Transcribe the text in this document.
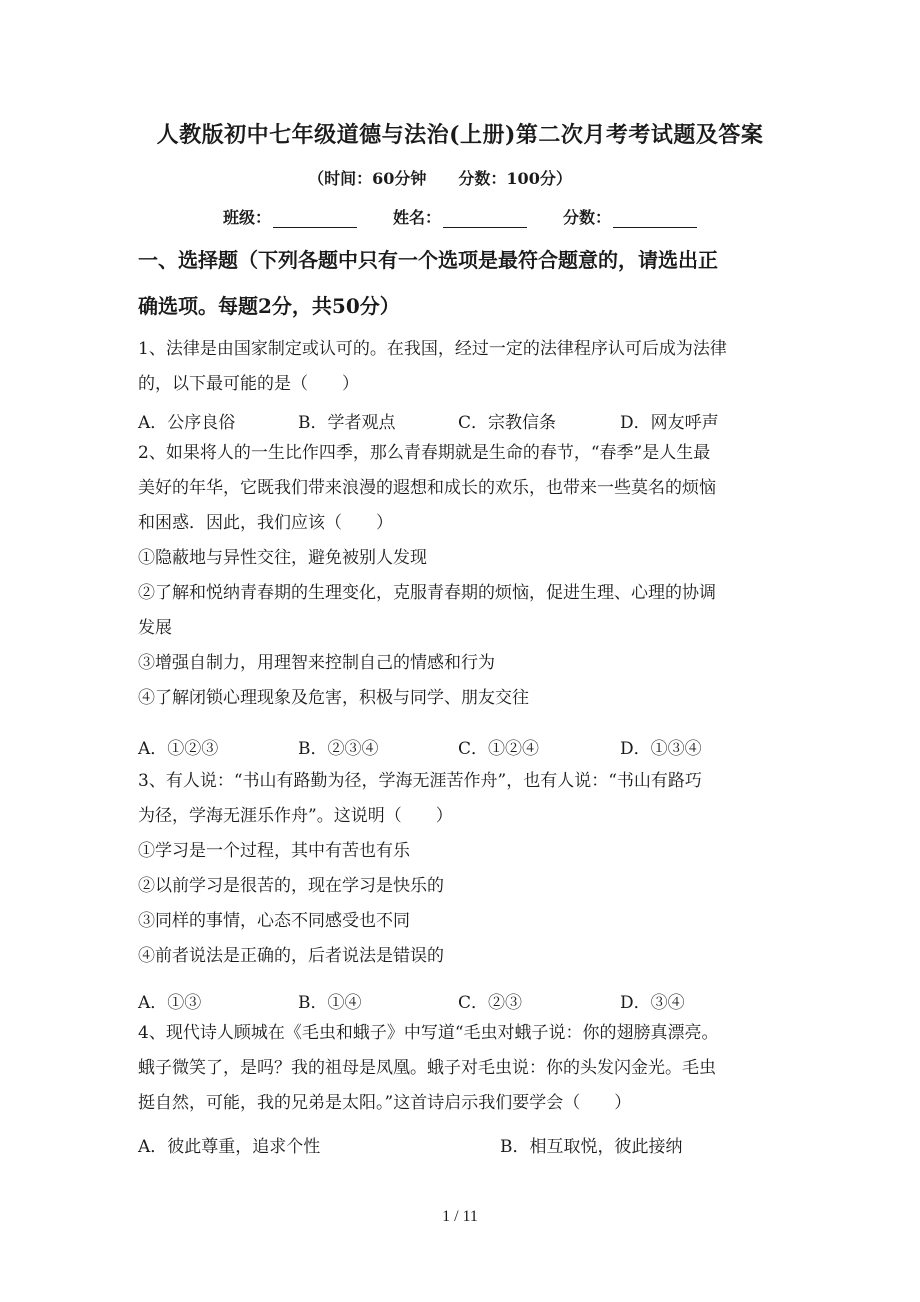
人教版初中七年级道德与法治(上册)第二次月考考试题及答案
（时间：60分钟　　分数：100分）
班级：	姓名：	分数：
一、选择题（下列各题中只有一个选项是最符合题意的，请选出正
确选项。每题2分，共50分）
1、法律是由国家制定或认可的。在我国，经过一定的法律程序认可后成为法律
的，以下最可能的是（　　）
A．公序良俗	B．学者观点	C．宗教信条	D．网友呼声
2、如果将人的一生比作四季，那么青春期就是生命的春节，“春季”是人生最
美好的年华，它既我们带来浪漫的遐想和成长的欢乐，也带来一些莫名的烦恼
和困惑．因此，我们应该（　　）
①隐蔽地与异性交往，避免被别人发现
②了解和悦纳青春期的生理变化，克服青春期的烦恼，促进生理、心理的协调
发展
③增强自制力，用理智来控制自己的情感和行为
④了解闭锁心理现象及危害，积极与同学、朋友交往
A．①②③	B．②③④	C．①②④	D．①③④
3、有人说：“书山有路勤为径，学海无涯苦作舟”，也有人说：“书山有路巧
为径，学海无涯乐作舟”。这说明（　　）
①学习是一个过程，其中有苦也有乐
②以前学习是很苦的，现在学习是快乐的
③同样的事情，心态不同感受也不同
④前者说法是正确的，后者说法是错误的
A．①③	B．①④	C．②③	D．③④
4、现代诗人顾城在《毛虫和蛾子》中写道“毛虫对蛾子说：你的翅膀真漂亮。
蛾子微笑了，是吗？我的祖母是凤凰。蛾子对毛虫说：你的头发闪金光。毛虫
挺自然，可能，我的兄弟是太阳。”这首诗启示我们要学会（　　）
A．彼此尊重，追求个性	B．相互取悦，彼此接纳
1 / 11
